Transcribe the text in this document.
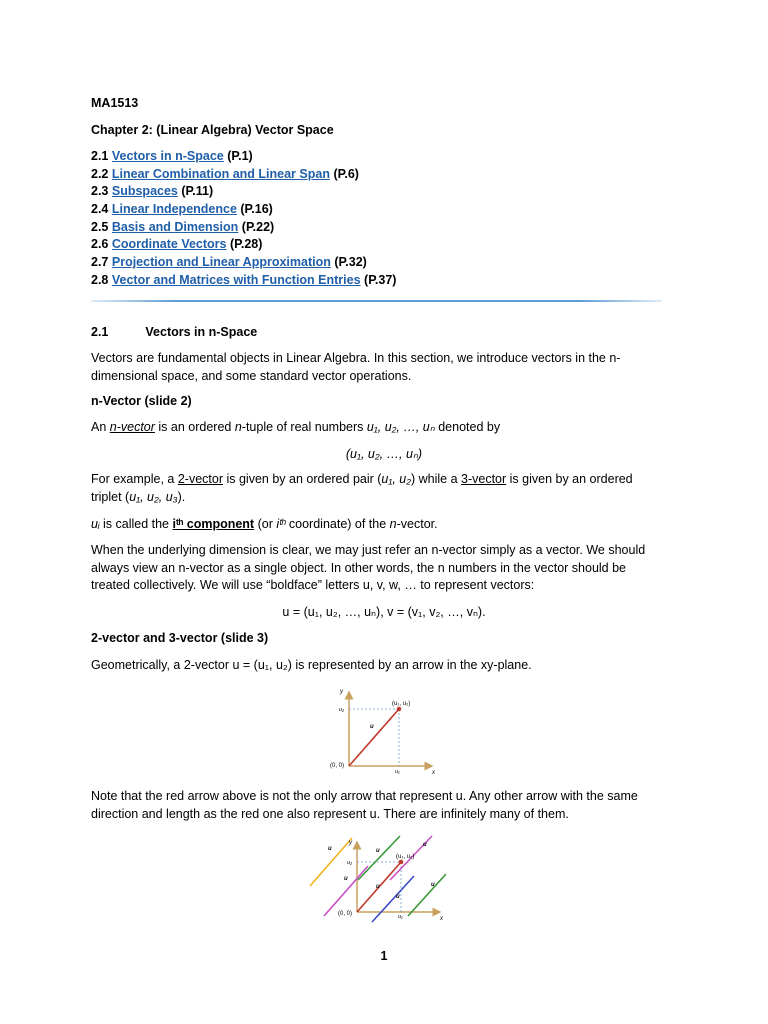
MA1513
Chapter 2: (Linear Algebra) Vector Space
2.1 Vectors in n-Space (P.1)
2.2 Linear Combination and Linear Span (P.6)
2.3 Subspaces (P.11)
2.4 Linear Independence (P.16)
2.5 Basis and Dimension (P.22)
2.6 Coordinate Vectors (P.28)
2.7 Projection and Linear Approximation (P.32)
2.8 Vector and Matrices with Function Entries (P.37)
2.1	Vectors in n-Space
Vectors are fundamental objects in Linear Algebra. In this section, we introduce vectors in the n-dimensional space, and some standard vector operations.
n-Vector (slide 2)
An n-vector is an ordered n-tuple of real numbers u₁, u₂, …, uₙ denoted by
(u₁, u₂, …, uₙ)
For example, a 2-vector is given by an ordered pair (u₁, u₂) while a 3-vector is given by an ordered triplet (u₁, u₂, u₃).
uᵢ is called the iᵗʰ component (or iᵗʰ coordinate) of the n-vector.
When the underlying dimension is clear, we may just refer an n-vector simply as a vector. We should always view an n-vector as a single object. In other words, the n numbers in the vector should be treated collectively. We will use “boldface” letters u, v, w, … to represent vectors:
u = (u₁, u₂, …, uₙ), v = (v₁, v₂, …, vₙ).
2-vector and 3-vector (slide 3)
Geometrically, a 2-vector u = (u₁, u₂) is represented by an arrow in the xy-plane.
y
x
(0, 0)
(u₁, u₂)
u
u₁
u₂
Note that the red arrow above is not the only arrow that represent u. Any other arrow with the same direction and length as the red one also represent u. There are infinitely many of them.
y
x
(0, 0)
(u₁, u₂)
u
u
u
u
u
u
u
u₁
u₂
1
